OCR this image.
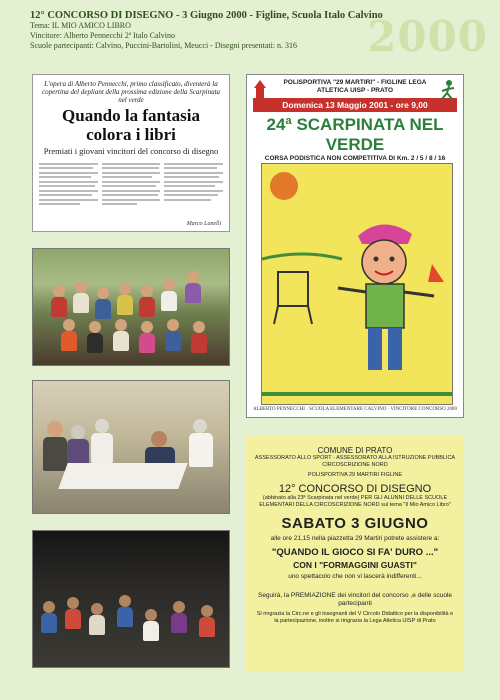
12° CONCORSO DI DISEGNO - 3 Giugno 2000 - Figline, Scuola Italo Calvino
Tema: IL MIO AMICO LIBRO
Vincitore: Alberto Pennecchi 2ª Italo Calvino
Scuole partecipanti: Calvino, Puccini-Bartolini, Meucci - Disegni presentati: n. 316	2000
L'opera di Alberto Pennecchi, primo classificato, diventerà la copertina del depliant della prossima edizione della Scarpinata nel verde
Quando la fantasia colora i libri
Premiati i giovani vincitori del concorso di disegno
Marco Lunelli
POLISPORTIVA "29 MARTIRI" - FIGLINE LEGA ATLETICA UISP - PRATO
Domenica 13 Maggio 2001 - ore 9,00
24ª SCARPINATA NEL VERDE
CORSA PODISTICA NON COMPETITIVA DI Km. 2 / 5 / 8 / 16
ALBERTO PENNECCHI · SCUOLA ELEMENTARE CALVINO · VINCITORE CONCORSO 2000
COMUNE DI PRATO
ASSESSORATO ALLO SPORT - ASSESSORATO ALLA ISTRUZIONE PUBBLICA CIRCOSCRIZIONE NORD
POLISPORTIVA 29 MARTIRI FIGLINE
12° CONCORSO DI DISEGNO
(abbinato alla 23ª Scarpinata nel verde) PER GLI ALUNNI DELLE SCUOLE ELEMENTARI DELLA CIRCOSCRIZIONE NORD sul tema "Il Mio Amico Libro"
SABATO 3 GIUGNO
alle ore 21,15 nella piazzetta 29 Martiri potrete assistere a:
"QUANDO IL GIOCO SI FA' DURO ..."
CON I "FORMAGGINI GUASTI"
uno spettacolo che non vi lascerà indifferenti...
Seguirà, la PREMIAZIONE dei vincitori del concorso ,e delle scuole partecipanti
Si ringrazia la Circ.ne e gli insegnanti del V Circolo Didattico per la disponibilità e la partecipazione, inoltre si ringrazia la Lega Atletica UISP di Prato
